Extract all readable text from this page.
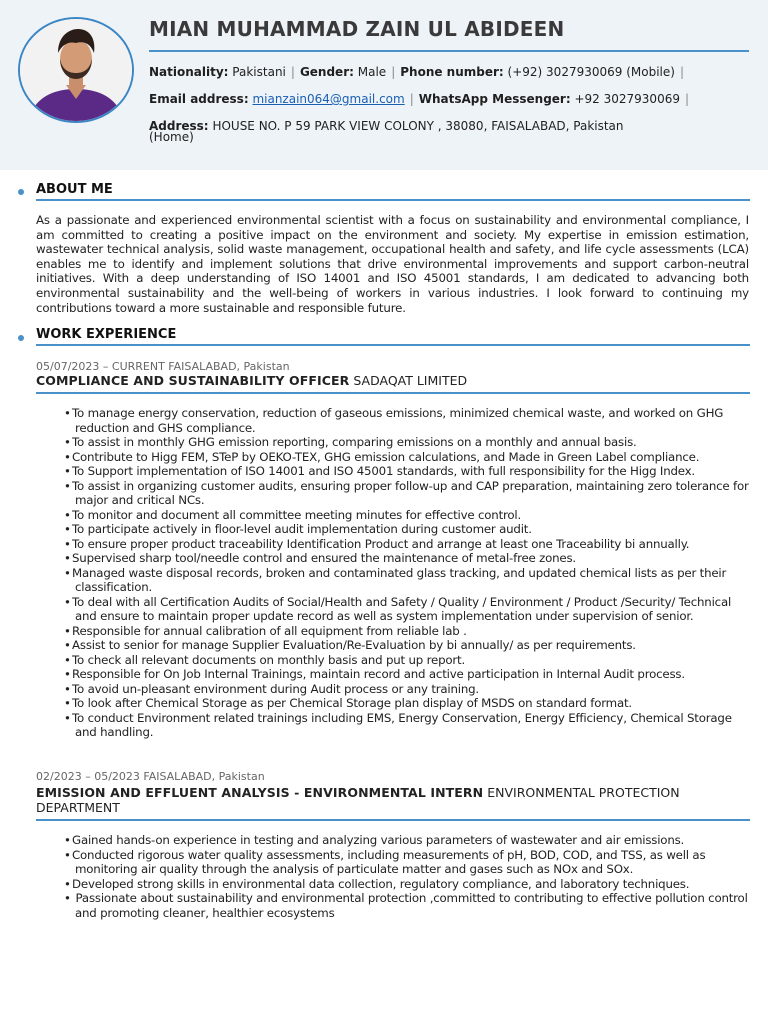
MIAN MUHAMMAD ZAIN UL ABIDEEN
Nationality: Pakistani | Gender: Male | Phone number: (+92) 3027930069 (Mobile) |
Email address: mianzain064@gmail.com | WhatsApp Messenger: +92 3027930069 |
Address: HOUSE NO. P 59 PARK VIEW COLONY , 38080, FAISALABAD, Pakistan
(Home)
ABOUT ME
As a passionate and experienced environmental scientist with a focus on sustainability and environmental compliance, I am committed to creating a positive impact on the environment and society. My expertise in emission estimation, wastewater technical analysis, solid waste management, occupational health and safety, and life cycle assessments (LCA) enables me to identify and implement solutions that drive environmental improvements and support carbon-neutral initiatives. With a deep understanding of ISO 14001 and ISO 45001 standards, I am dedicated to advancing both environmental sustainability and the well-being of workers in various industries. I look forward to continuing my contributions toward a more sustainable and responsible future.
WORK EXPERIENCE
05/07/2023 – CURRENT FAISALABAD, Pakistan
COMPLIANCE AND SUSTAINABILITY OFFICER SADAQAT LIMITED
• To manage energy conservation, reduction of gaseous emissions, minimized chemical waste, and worked on GHG reduction and GHS compliance.
• To assist in monthly GHG emission reporting, comparing emissions on a monthly and annual basis.
• Contribute to Higg FEM, STeP by OEKO-TEX, GHG emission calculations, and Made in Green Label compliance.
• To Support implementation of ISO 14001 and ISO 45001 standards, with full responsibility for the Higg Index.
• To assist in organizing customer audits, ensuring proper follow-up and CAP preparation, maintaining zero tolerance for major and critical NCs.
• To monitor and document all committee meeting minutes for effective control.
• To participate actively in floor-level audit implementation during customer audit.
• To ensure proper product traceability Identification Product and arrange at least one Traceability bi annually.
• Supervised sharp tool/needle control and ensured the maintenance of metal-free zones.
• Managed waste disposal records, broken and contaminated glass tracking, and updated chemical lists as per their classification.
• To deal with all Certification Audits of Social/Health and Safety / Quality / Environment / Product /Security/ Technical and ensure to maintain proper update record as well as system implementation under supervision of senior.
• Responsible for annual calibration of all equipment from reliable lab .
• Assist to senior for manage Supplier Evaluation/Re-Evaluation by bi annually/ as per requirements.
• To check all relevant documents on monthly basis and put up report.
• Responsible for On Job Internal Trainings, maintain record and active participation in Internal Audit process.
• To avoid un-pleasant environment during Audit process or any training.
• To look after Chemical Storage as per Chemical Storage plan display of MSDS on standard format.
• To conduct Environment related trainings including EMS, Energy Conservation, Energy Efficiency, Chemical Storage and handling.
02/2023 – 05/2023 FAISALABAD, Pakistan
EMISSION AND EFFLUENT ANALYSIS - ENVIRONMENTAL INTERN ENVIRONMENTAL PROTECTION DEPARTMENT
• Gained hands-on experience in testing and analyzing various parameters of wastewater and air emissions.
• Conducted rigorous water quality assessments, including measurements of pH, BOD, COD, and TSS, as well as monitoring air quality through the analysis of particulate matter and gases such as NOx and SOx.
• Developed strong skills in environmental data collection, regulatory compliance, and laboratory techniques.
• Passionate about sustainability and environmental protection ,committed to contributing to effective pollution control and promoting cleaner, healthier ecosystems
